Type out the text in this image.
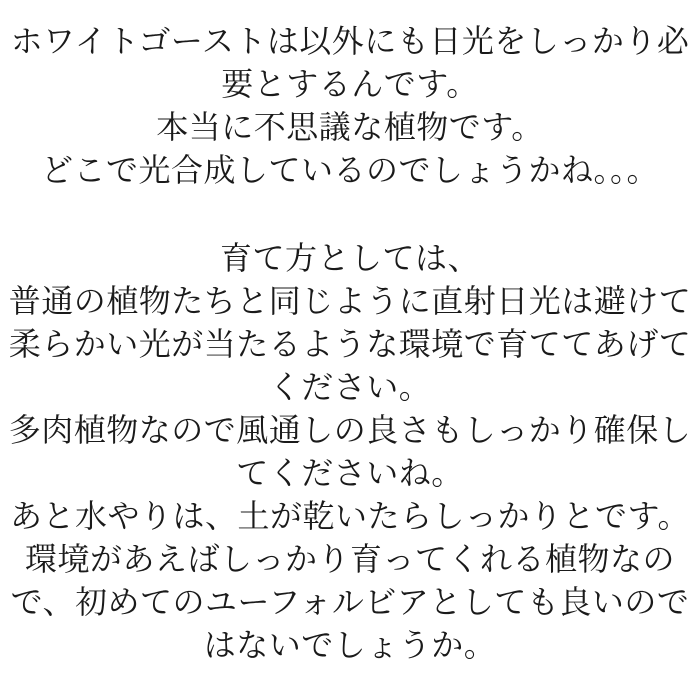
ホワイトゴーストは以外にも日光をしっかり必
要とするんです。
本当に不思議な植物です。
どこで光合成しているのでしょうかね。。。
育て方としては、
普通の植物たちと同じように直射日光は避けて
柔らかい光が当たるような環境で育ててあげて
ください。
多肉植物なので風通しの良さもしっかり確保し
てくださいね。
あと水やりは、土が乾いたらしっかりとです。
環境があえばしっかり育ってくれる植物なの
で、初めてのユーフォルビアとしても良いので
はないでしょうか。
